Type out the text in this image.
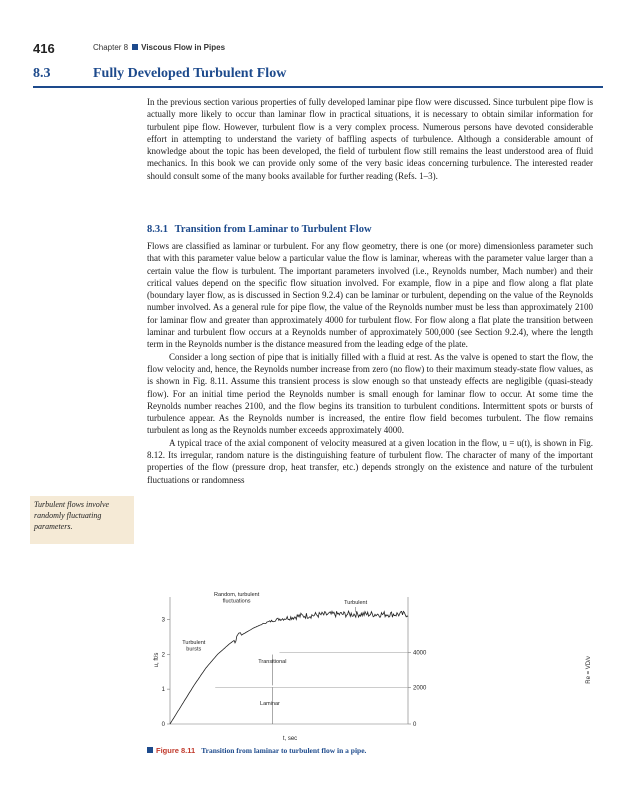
416	Chapter 8 Viscous Flow in Pipes
8.3	Fully Developed Turbulent Flow

In the previous section various properties of fully developed laminar pipe flow were discussed. Since turbulent pipe flow is actually more likely to occur than laminar flow in practical situations, it is necessary to obtain similar information for turbulent pipe flow. However, turbulent flow is a very complex process. Numerous persons have devoted considerable effort in attempting to understand the variety of baffling aspects of turbulence. Although a considerable amount of knowledge about the topic has been developed, the field of turbulent flow still remains the least understood area of fluid mechanics. In this book we can provide only some of the very basic ideas concerning turbulence. The interested reader should consult some of the many books available for further reading (Refs. 1–3).

8.3.1 Transition from Laminar to Turbulent Flow

Flows are classified as laminar or turbulent. For any flow geometry, there is one (or more) dimensionless parameter such that with this parameter value below a particular value the flow is laminar, whereas with the parameter value larger than a certain value the flow is turbulent. The important parameters involved (i.e., Reynolds number, Mach number) and their critical values depend on the specific flow situation involved. For example, flow in a pipe and flow along a flat plate (boundary layer flow, as is discussed in Section 9.2.4) can be laminar or turbulent, depending on the value of the Reynolds number involved. As a general rule for pipe flow, the value of the Reynolds number must be less than approximately 2100 for laminar flow and greater than approximately 4000 for turbulent flow. For flow along a flat plate the transition between laminar and turbulent flow occurs at a Reynolds number of approximately 500,000 (see Section 9.2.4), where the length term in the Reynolds number is the distance measured from the leading edge of the plate.

Consider a long section of pipe that is initially filled with a fluid at rest. As the valve is opened to start the flow, the flow velocity and, hence, the Reynolds number increase from zero (no flow) to their maximum steady-state flow values, as is shown in Fig. 8.11. Assume this transient process is slow enough so that unsteady effects are negligible (quasi-steady flow). For an initial time period the Reynolds number is small enough for laminar flow to occur. At some time the Reynolds number reaches 2100, and the flow begins its transition to turbulent conditions. Intermittent spots or bursts of turbulence appear. As the Reynolds number is increased, the entire flow field becomes turbulent. The flow remains turbulent as long as the Reynolds number exceeds approximately 4000.

A typical trace of the axial component of velocity measured at a given location in the flow, u = u(t), is shown in Fig. 8.12. Its irregular, random nature is the distinguishing feature of turbulent flow. The character of many of the important properties of the flow (pressure drop, heat transfer, etc.) depends strongly on the existence and nature of the turbulent fluctuations or randomness

Turbulent flows involve randomly fluctuating parameters.
u, ft/s	Re = VD/ν
t, sec
0
1
2
3
0
2000
4000
Random, turbulent fluctuations	Turbulent
Turbulent bursts
Transitional
Laminar
Figure 8.11 Transition from laminar to turbulent flow in a pipe.
